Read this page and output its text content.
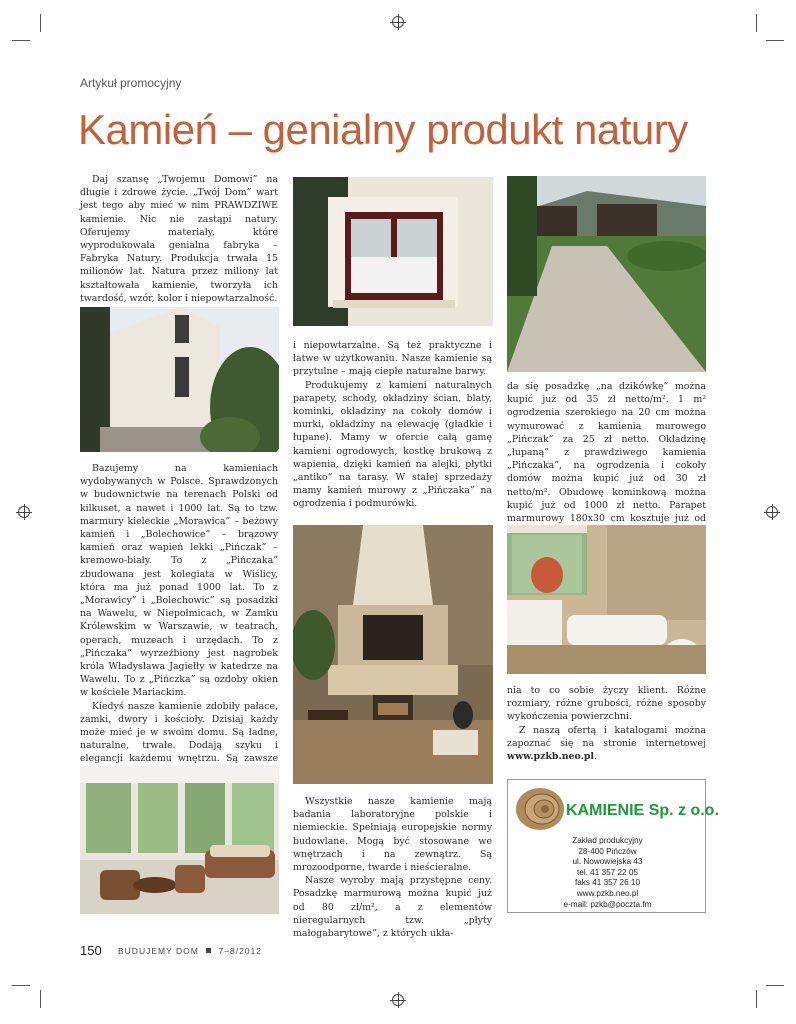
Artykuł promocyjny
Kamień – genialny produkt natury

Daj szansę „Twojemu Domowi” na długie i zdrowe życie. „Twój Dom” wart jest tego aby mieć w nim PRAWDZIWE kamienie. Nic nie zastąpi natury. Oferujemy materiały, które wyprodukowała genialna fabryka – Fabryka Natury. Produkcja trwała 15 milionów lat. Natura przez miliony lat kształtowała kamienie, tworzyła ich twardość, wzór, kolor i niepowtarzalność.

Bazujemy na kamieniach wydobywanych w Polsce. Sprawdzonych w budownictwie na terenach Polski od kilkuset, a nawet i 1000 lat. Są to tzw. marmury kieleckie „Morawica” – beżowy kamień i „Bolechowice” – brązowy kamień oraz wapień lekki „Pińczak” – kremowo-biały. To z „Pińczaka” zbudowana jest kolegiata w Wiślicy, która ma już ponad 1000 lat. To z „Morawicy” i „Bolechowic” są posadzki na Wawelu, w Niepołmicach, w Zamku Królewskim w Warszawie, w teatrach, operach, muzeach i urzędach. To z „Pińczaka” wyrzeźbiony jest nagrobek króla Władysława Jagiełły w katedrze na Wawelu. To z „Pińczka” są ozdoby okien w kościele Mariackim.

Kiedyś nasze kamienie zdobiły pałace, zamki, dwory i kościoły. Dzisiaj każdy może mieć je w swoim domu. Są ładne, naturalne, trwałe. Dodają szyku i elegancji każdemu wnętrzu. Są zawsze

i niepowtarzalne. Są też praktyczne i łatwe w użytkowaniu. Nasze kamienie są przytulne – mają ciepłe naturalne barwy.

Produkujemy z kamieni naturalnych parapety, schody, okładziny ścian, blaty, kominki, okładziny na cokoły domów i murki, okładziny na elewację (gładkie i łupane). Mamy w ofercie całą gamę kamieni ogrodowych, kostkę brukową z wapienia, dzięki kamień na alejki, płytki „antiko” na tarasy. W stałej sprzedaży mamy kamień murowy z „Pińczaka” na ogrodzenia i podmurówki.

Wszystkie nasze kamienie mają badania laboratoryjne polskie i niemieckie. Spełniają europejskie normy budowlane. Mogą być stosowane we wnętrzach i na zewnątrz. Są mrozoodporne, twarde i nieścieralne.

Nasze wyroby mają przystępne ceny. Posadzkę marmurową można kupić już od 80 zł/m², a z elementów nieregularnych tzw. „płyty małogabarytowe”, z których ukła-

da się posadzkę „na dzikówkę” można kupić już od 35 zł netto/m². 1 m² ogrodzenia szerokiego na 20 cm można wymurować z kamienia murowego „Pińczak” za 25 zł netto. Okładzinę „łupaną” z prawdziwego kamienia „Pińczaka”, na ogrodzenia i cokoły domów można kupić już od 30 zł netto/m². Obudowę kominkową można kupić już od 1000 zł netto. Parapet marmurowy 180x30 cm kosztuje już od

nia to co sobie życzy klient. Różne rozmiary, różne grubości, różne sposoby wykończenia powierzchni.

Z naszą ofertą i katalogami można zapoznać się na stronie internetowej www.pzkb.neo.pl.

KAMIENIE Sp. z o.o.
Zakład produkcyjny
28-400 Pińczów
ul. Nowowiejska 43
tel. 41 357 22 05
faks 41 357 26 10
www.pzkb.neo.pl
e-mail: pzkb@poczta.fm
150 BUDUJEMY DOM 7–8/2012
